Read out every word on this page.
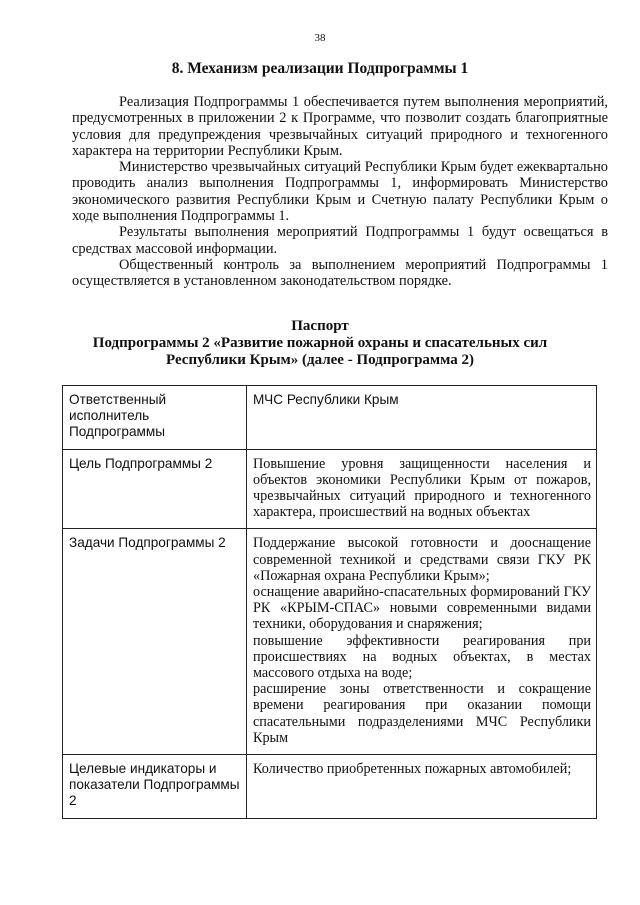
38
8. Механизм реализации Подпрограммы 1

Реализация Подпрограммы 1 обеспечивается путем выполнения мероприятий, предусмотренных в приложении 2 к Программе, что позволит создать благоприятные условия для предупреждения чрезвычайных ситуаций природного и техногенного характера на территории Республики Крым.

Министерство чрезвычайных ситуаций Республики Крым будет ежеквартально проводить анализ выполнения Подпрограммы 1, информировать Министерство экономического развития Республики Крым и Счетную палату Республики Крым о ходе выполнения Подпрограммы 1.

Результаты выполнения мероприятий Подпрограммы 1 будут освещаться в средствах массовой информации.

Общественный контроль за выполнением мероприятий Подпрограммы 1 осуществляется в установленном законодательством порядке.

Паспорт
Подпрограммы 2 «Развитие пожарной охраны и спасательных сил
Республики Крым» (далее - Подпрограмма 2)
Ответственный исполнитель Подпрограммы	МЧС Республики Крым

Цель Подпрограммы 2	Повышение уровня защищенности населения и объектов экономики Республики Крым от пожаров, чрезвычайных ситуаций природного и техногенного характера, происшествий на водных объектах

Задачи Подпрограммы 2	Поддержание высокой готовности и дооснащение современной техникой и средствами связи ГКУ РК «Пожарная охрана Республики Крым»;
оснащение аварийно-спасательных формирований ГКУ РК «КРЫМ-СПАС» новыми современными видами техники, оборудования и снаряжения;
повышение эффективности реагирования при происшествиях на водных объектах, в местах массового отдыха на воде;
расширение зоны ответственности и сокращение времени реагирования при оказании помощи спасательными подразделениями МЧС Республики Крым

Целевые индикаторы и показатели Подпрограммы 2	Количество приобретенных пожарных автомобилей;
